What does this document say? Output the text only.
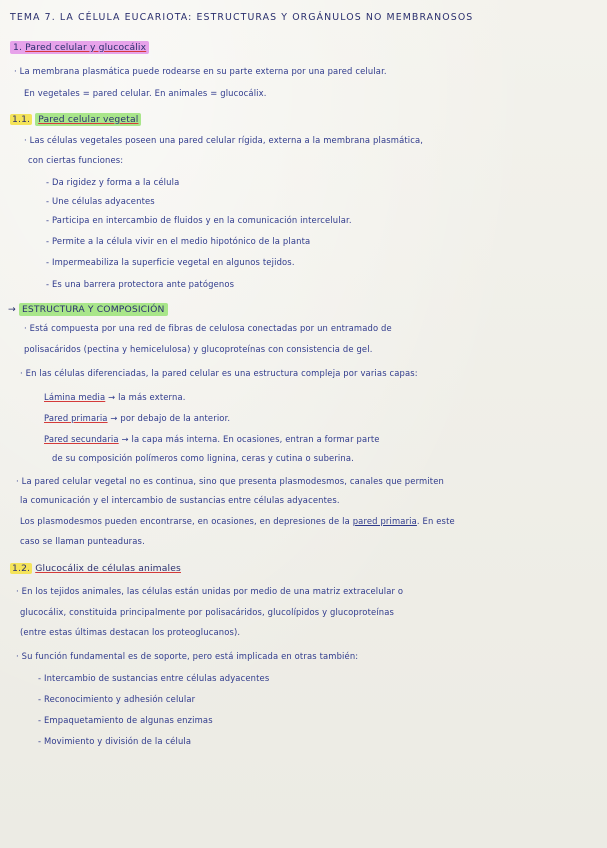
TEMA 7. LA CÉLULA EUCARIOTA: ESTRUCTURAS Y ORGÁNULOS NO MEMBRANOSOS
1. Pared celular y glucocálix
· La membrana plasmática puede rodearse en su parte externa por una pared celular.
En vegetales = pared celular. En animales = glucocálix.
1.1. Pared celular vegetal
· Las células vegetales poseen una pared celular rígida, externa a la membrana plasmática,
con ciertas funciones:
- Da rigidez y forma a la célula
- Une células adyacentes
- Participa en intercambio de fluidos y en la comunicación intercelular.
- Permite a la célula vivir en el medio hipotónico de la planta
- Impermeabiliza la superficie vegetal en algunos tejidos.
- Es una barrera protectora ante patógenos
→ ESTRUCTURA Y COMPOSICIÓN
· Está compuesta por una red de fibras de celulosa conectadas por un entramado de
polisacáridos (pectina y hemicelulosa) y glucoproteínas con consistencia de gel.
· En las células diferenciadas, la pared celular es una estructura compleja por varias capas:
Lámina media → la más externa.
Pared primaria → por debajo de la anterior.
Pared secundaria → la capa más interna. En ocasiones, entran a formar parte
de su composición polímeros como lignina, ceras y cutina o suberina.
· La pared celular vegetal no es continua, sino que presenta plasmodesmos, canales que permiten
la comunicación y el intercambio de sustancias entre células adyacentes.
Los plasmodesmos pueden encontrarse, en ocasiones, en depresiones de la pared primaria. En este
caso se llaman punteaduras.
1.2. Glucocálix de células animales
· En los tejidos animales, las células están unidas por medio de una matriz extracelular o
glucocálix, constituida principalmente por polisacáridos, glucolípidos y glucoproteínas
(entre estas últimas destacan los proteoglucanos).
· Su función fundamental es de soporte, pero está implicada en otras también:
- Intercambio de sustancias entre células adyacentes
- Reconocimiento y adhesión celular
- Empaquetamiento de algunas enzimas
- Movimiento y división de la célula
